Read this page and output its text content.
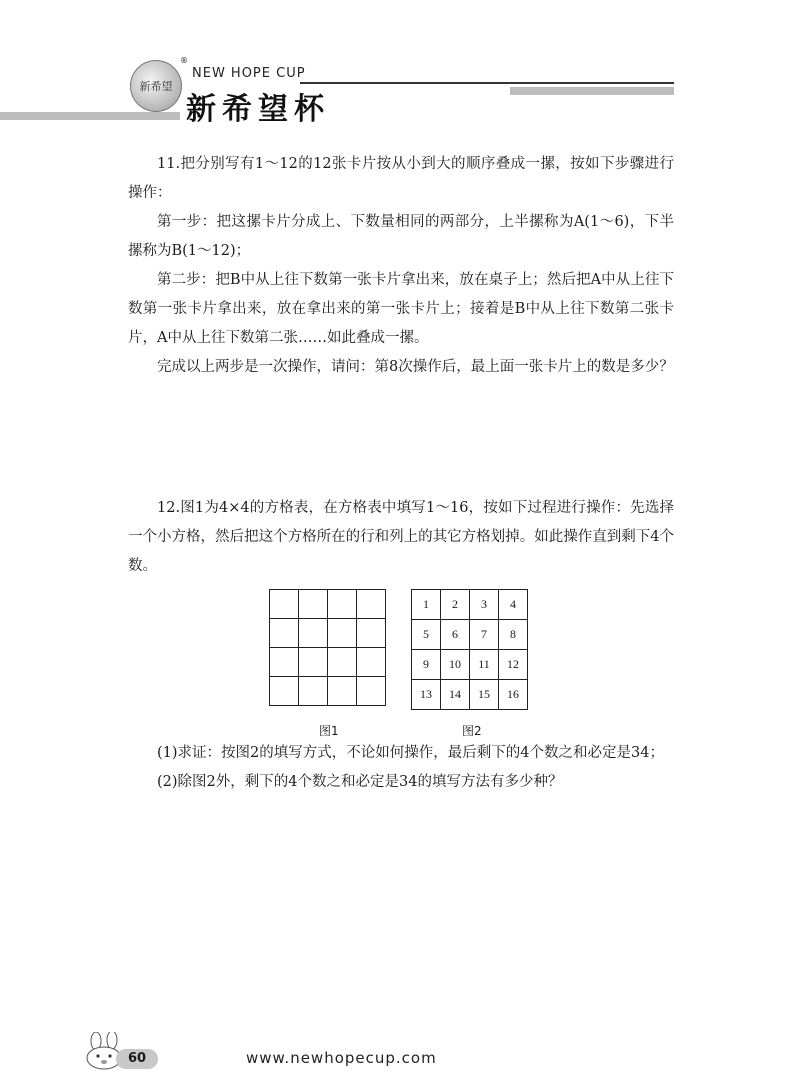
新希望
®
NEW HOPE CUP
新希望杯

11.把分别写有1～12的12张卡片按从小到大的顺序叠成一摞，按如下步骤进行操作：

第一步：把这摞卡片分成上、下数量相同的两部分，上半摞称为A(1～6)，下半摞称为B(1～12)；

第二步：把B中从上往下数第一张卡片拿出来，放在桌子上；然后把A中从上往下数第一张卡片拿出来，放在拿出来的第一张卡片上；接着是B中从上往下数第二张卡片，A中从上往下数第二张……如此叠成一摞。

完成以上两步是一次操作，请问：第8次操作后，最上面一张卡片上的数是多少？

12.图1为4×4的方格表，在方格表中填写1～16，按如下过程进行操作：先选择一个小方格，然后把这个方格所在的行和列上的其它方格划掉。如此操作直到剩下4个数。

1	2	3	4
5	6	7	8
9	10	11	12
13	14	15	16
图1	图2

(1)求证：按图2的填写方式，不论如何操作，最后剩下的4个数之和必定是34；

(2)除图2外，剩下的4个数之和必定是34的填写方法有多少种？

60	www.newhopecup.com
